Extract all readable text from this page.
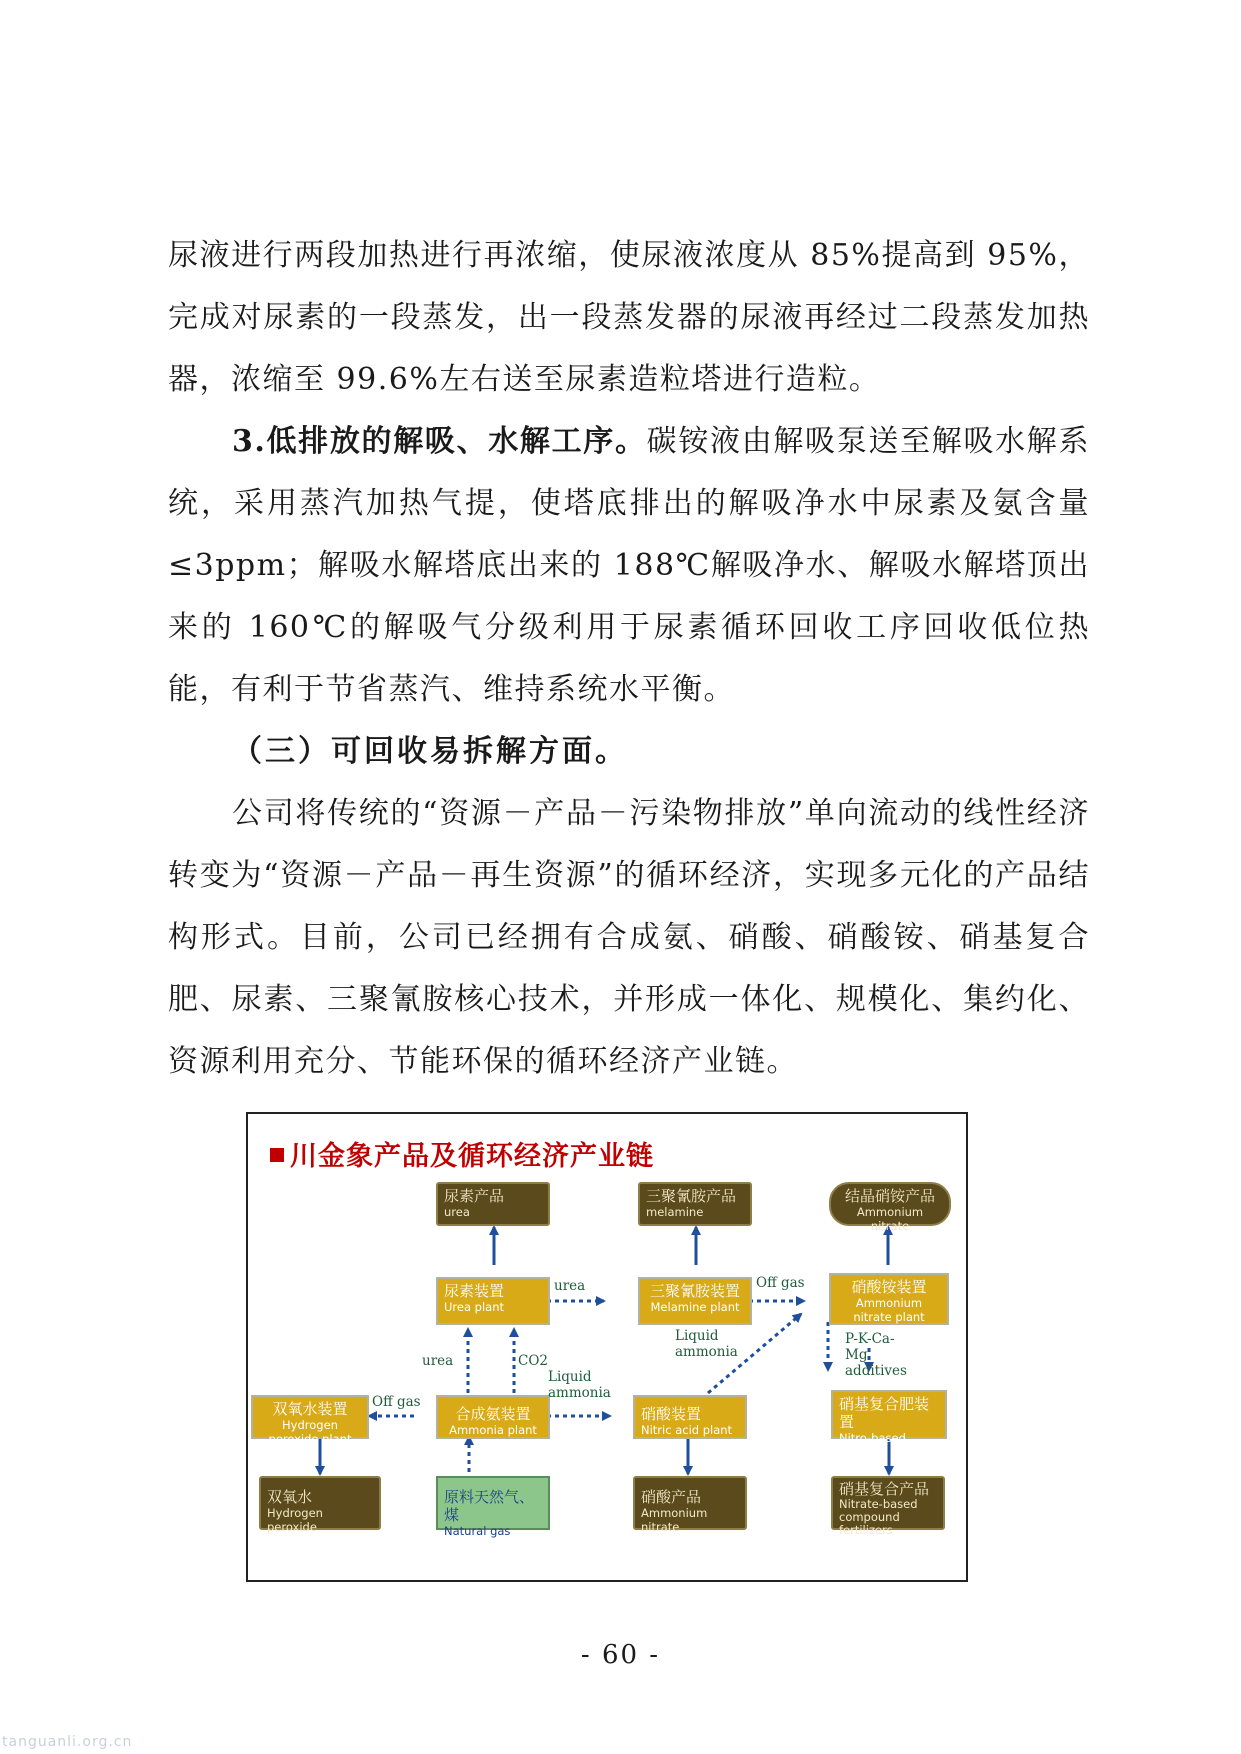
尿液进行两段加热进行再浓缩，使尿液浓度从 85%提高到 95%，完成对尿素的一段蒸发，出一段蒸发器的尿液再经过二段蒸发加热器，浓缩至 99.6%左右送至尿素造粒塔进行造粒。

3.低排放的解吸、水解工序。碳铵液由解吸泵送至解吸水解系统，采用蒸汽加热气提，使塔底排出的解吸净水中尿素及氨含量≤3ppm；解吸水解塔底出来的 188℃解吸净水、解吸水解塔顶出来的 160℃的解吸气分级利用于尿素循环回收工序回收低位热能，有利于节省蒸汽、维持系统水平衡。

（三）可回收易拆解方面。

公司将传统的“资源－产品－污染物排放”单向流动的线性经济转变为“资源－产品－再生资源”的循环经济，实现多元化的产品结构形式。目前，公司已经拥有合成氨、硝酸、硝酸铵、硝基复合肥、尿素、三聚氰胺核心技术，并形成一体化、规模化、集约化、资源利用充分、节能环保的循环经济产业链。

川金象产品及循环经济产业链
尿素产品
urea
三聚氰胺产品
melamine
结晶硝铵产品
Ammonium nitrate
尿素装置
Urea plant
三聚氰胺装置
Melamine plant
硝酸铵装置
Ammonium nitrate plant
双氧水装置
Hydrogen peroxide plant
合成氨装置
Ammonia plant
硝酸装置
Nitric acid plant
硝基复合肥装置
Nitro-based fertilizer plant
双氧水
Hydrogen peroxide
原料天然气、煤
Natural gas
硝酸产品
Ammonium nitrate
硝基复合产品
Nitrate-based compound fertilizers
urea	Off gas
urea	CO2
Off gas
Liquid ammonia
Liquid ammonia
P-K-Ca-Mg additives
- 60 -
tanguanli.org.cn
